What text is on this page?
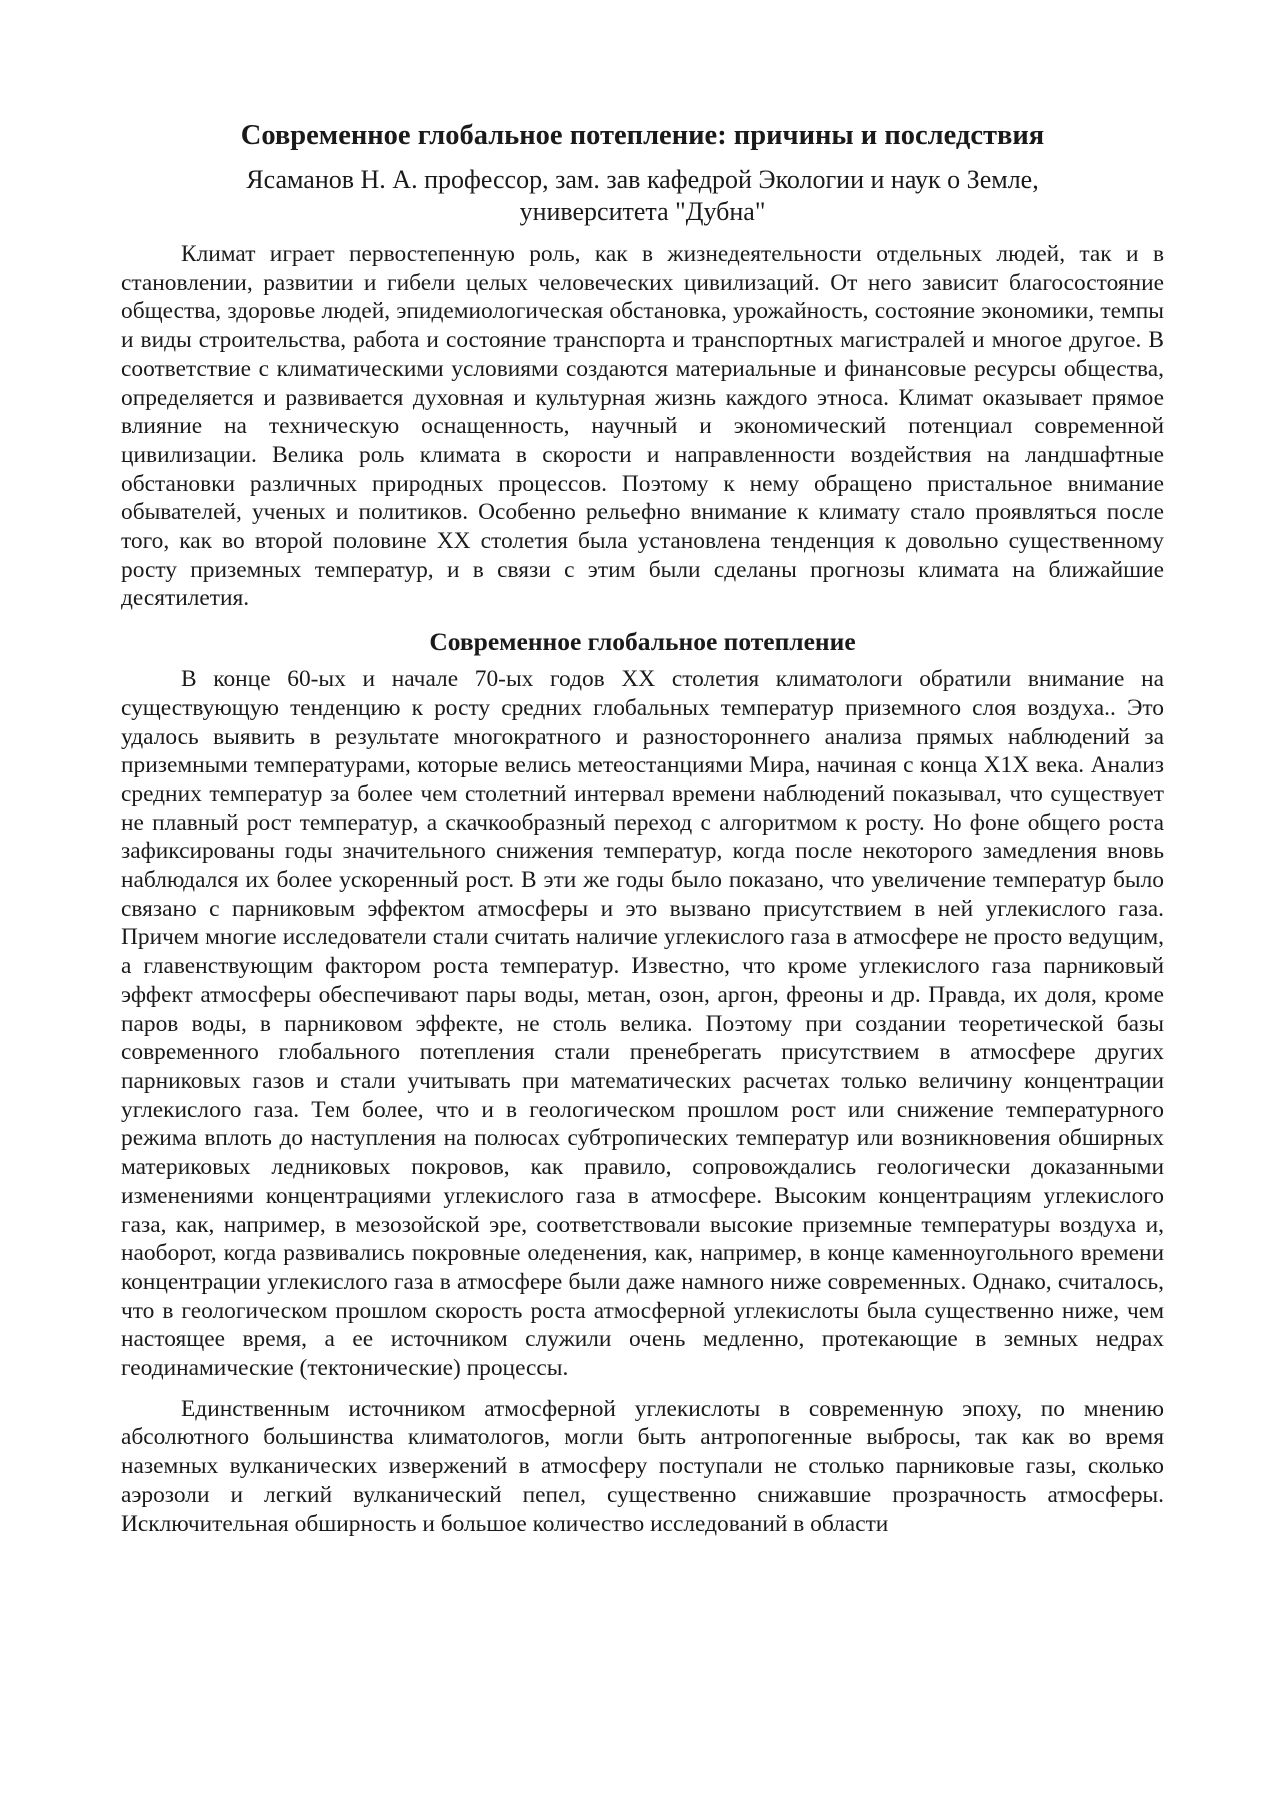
Современное глобальное потепление: причины и последствия
Ясаманов Н. А. профессор, зам. зав кафедрой Экологии и наук о Земле,
университета "Дубна"

Климат играет первостепенную роль, как в жизнедеятельности отдельных людей, так и в становлении, развитии и гибели целых человеческих цивилизаций. От него зависит благосостояние общества, здоровье людей, эпидемиологическая обстановка, урожайность, состояние экономики, темпы и виды строительства, работа и состояние транспорта и транспортных магистралей и многое другое. В соответствие с климатическими условиями создаются материальные и финансовые ресурсы общества, определяется и развивается духовная и культурная жизнь каждого этноса. Климат оказывает прямое влияние на техническую оснащенность, научный и экономический потенциал современной цивилизации. Велика роль климата в скорости и направленности воздействия на ландшафтные обстановки различных природных процессов. Поэтому к нему обращено пристальное внимание обывателей, ученых и политиков. Особенно рельефно внимание к климату стало проявляться после того, как во второй половине XX столетия была установлена тенденция к довольно существенному росту приземных температур, и в связи с этим были сделаны прогнозы климата на ближайшие десятилетия.

Современное глобальное потепление

В конце 60-ых и начале 70-ых годов XX столетия климатологи обратили внимание на существующую тенденцию к росту средних глобальных температур приземного слоя воздуха.. Это удалось выявить в результате многократного и разностороннего анализа прямых наблюдений за приземными температурами, которые велись метеостанциями Мира, начиная с конца X1X века. Анализ средних температур за более чем столетний интервал времени наблюдений показывал, что существует не плавный рост температур, а скачкообразный переход с алгоритмом к росту. Но фоне общего роста зафиксированы годы значительного снижения температур, когда после некоторого замедления вновь наблюдался их более ускоренный рост. В эти же годы было показано, что увеличение температур было связано с парниковым эффектом атмосферы и это вызвано присутствием в ней углекислого газа. Причем многие исследователи стали считать наличие углекислого газа в атмосфере не просто ведущим, а главенствующим фактором роста температур. Известно, что кроме углекислого газа парниковый эффект атмосферы обеспечивают пары воды, метан, озон, аргон, фреоны и др. Правда, их доля, кроме паров воды, в парниковом эффекте, не столь велика. Поэтому при создании теоретической базы современного глобального потепления стали пренебрегать присутствием в атмосфере других парниковых газов и стали учитывать при математических расчетах только величину концентрации углекислого газа. Тем более, что и в геологическом прошлом рост или снижение температурного режима вплоть до наступления на полюсах субтропических температур или возникновения обширных материковых ледниковых покровов, как правило, сопровождались геологически доказанными изменениями концентрациями углекислого газа в атмосфере. Высоким концентрациям углекислого газа, как, например, в мезозойской эре, соответствовали высокие приземные температуры воздуха и, наоборот, когда развивались покровные оледенения, как, например, в конце каменноугольного времени концентрации углекислого газа в атмосфере были даже намного ниже современных. Однако, считалось, что в геологическом прошлом скорость роста атмосферной углекислоты была существенно ниже, чем настоящее время, а ее источником служили очень медленно, протекающие в земных недрах геодинамические (тектонические) процессы.

Единственным источником атмосферной углекислоты в современную эпоху, по мнению абсолютного большинства климатологов, могли быть антропогенные выбросы, так как во время наземных вулканических извержений в атмосферу поступали не столько парниковые газы, сколько аэрозоли и легкий вулканический пепел, существенно снижавшие прозрачность атмосферы. Исключительная обширность и большое количество исследований в области
